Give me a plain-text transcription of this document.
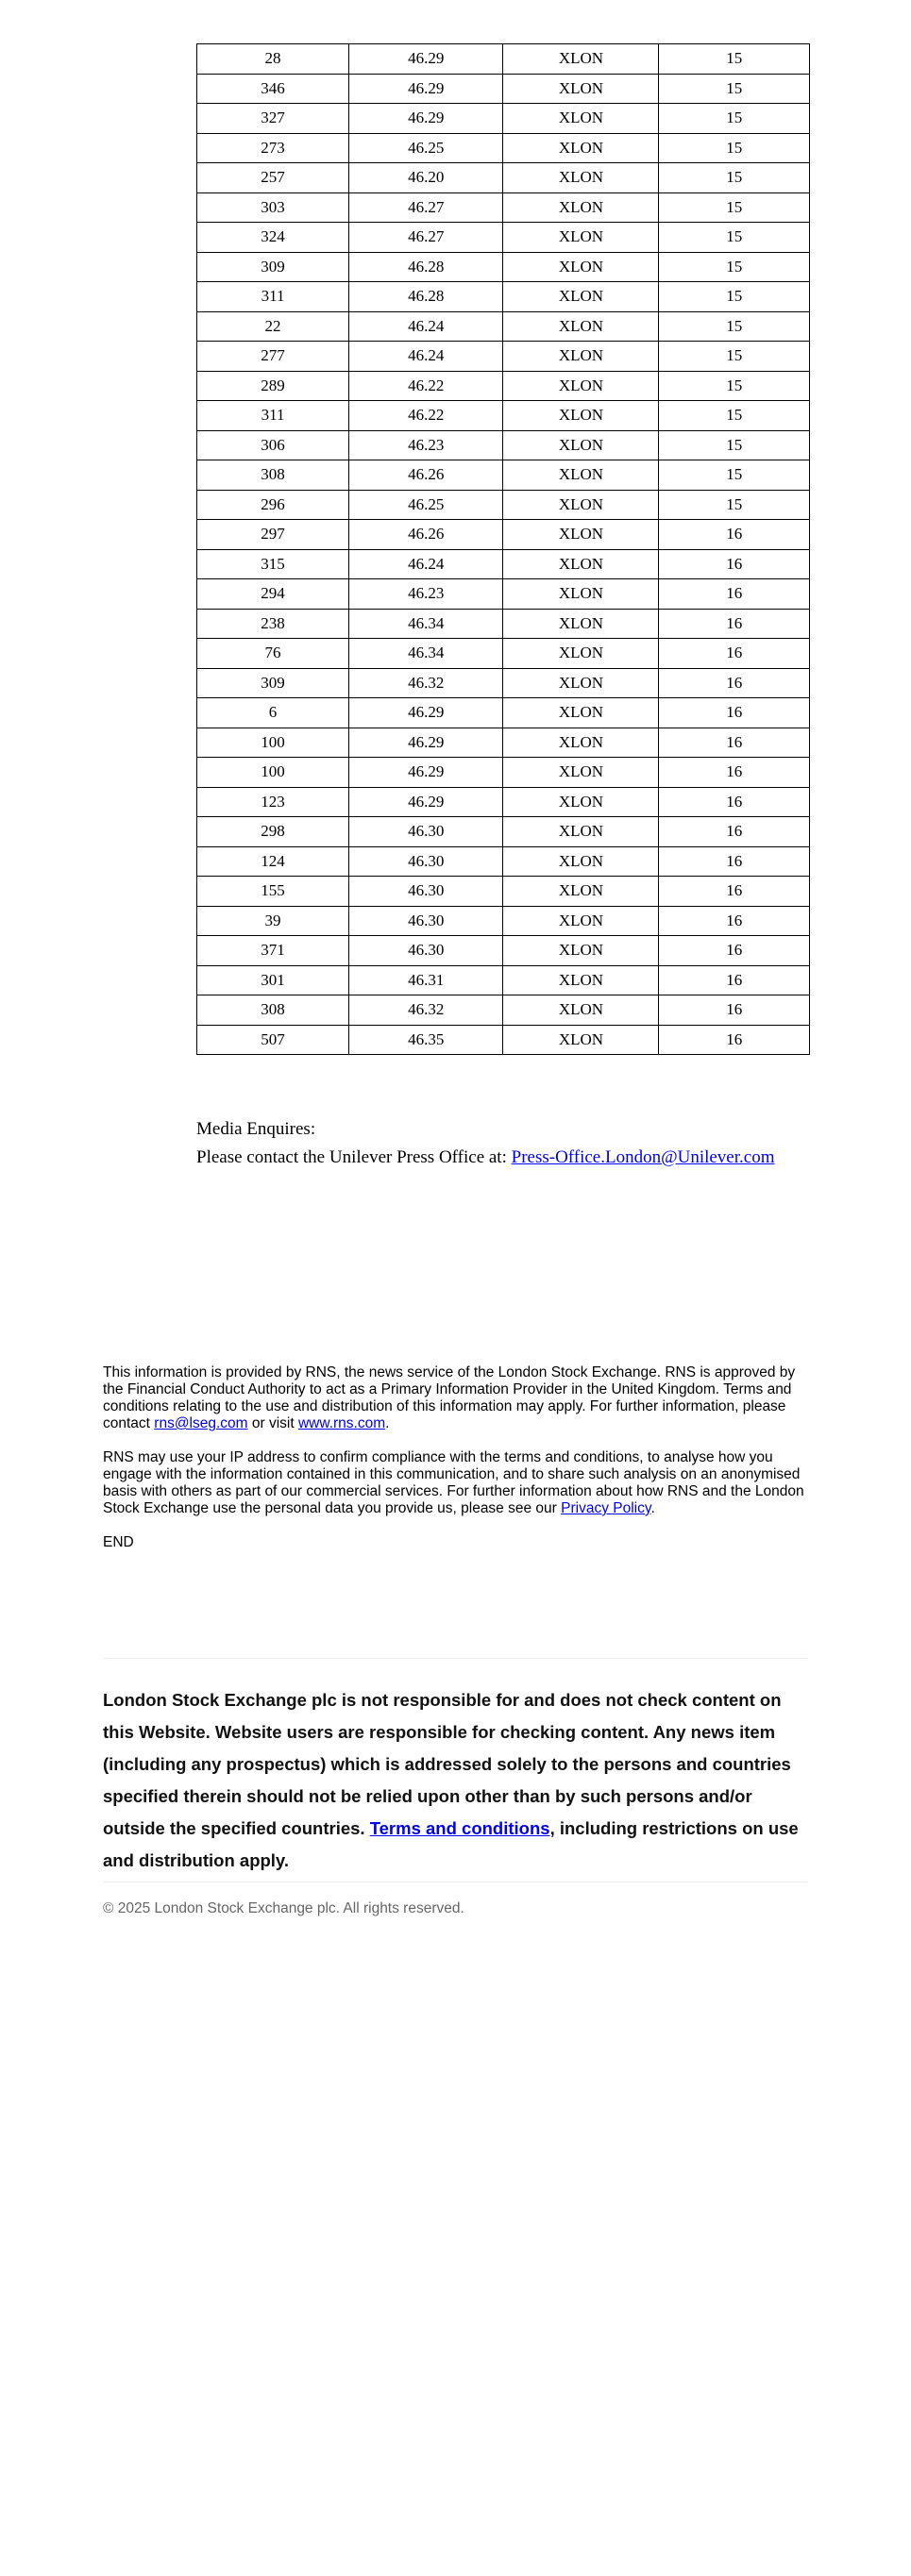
28	46.29	XLON	15
346	46.29	XLON	15
327	46.29	XLON	15
273	46.25	XLON	15
257	46.20	XLON	15
303	46.27	XLON	15
324	46.27	XLON	15
309	46.28	XLON	15
311	46.28	XLON	15
22	46.24	XLON	15
277	46.24	XLON	15
289	46.22	XLON	15
311	46.22	XLON	15
306	46.23	XLON	15
308	46.26	XLON	15
296	46.25	XLON	15
297	46.26	XLON	16
315	46.24	XLON	16
294	46.23	XLON	16
238	46.34	XLON	16
76	46.34	XLON	16
309	46.32	XLON	16
6	46.29	XLON	16
100	46.29	XLON	16
100	46.29	XLON	16
123	46.29	XLON	16
298	46.30	XLON	16
124	46.30	XLON	16
155	46.30	XLON	16
39	46.30	XLON	16
371	46.30	XLON	16
301	46.31	XLON	16
308	46.32	XLON	16
507	46.35	XLON	16
Media Enquires:
Please contact the Unilever Press Office at: Press-Office.London@Unilever.com

This information is provided by RNS, the news service of the London Stock Exchange. RNS is approved by the Financial Conduct Authority to act as a Primary Information Provider in the United Kingdom. Terms and conditions relating to the use and distribution of this information may apply. For further information, please contact rns@lseg.com or visit www.rns.com.

RNS may use your IP address to confirm compliance with the terms and conditions, to analyse how you engage with the information contained in this communication, and to share such analysis on an anonymised basis with others as part of our commercial services. For further information about how RNS and the London Stock Exchange use the personal data you provide us, please see our Privacy Policy.

END

London Stock Exchange plc is not responsible for and does not check content on this Website. Website users are responsible for checking content. Any news item (including any prospectus) which is addressed solely to the persons and countries specified therein should not be relied upon other than by such persons and/or outside the specified countries. Terms and conditions, including restrictions on use and distribution apply.

© 2025 London Stock Exchange plc. All rights reserved.
